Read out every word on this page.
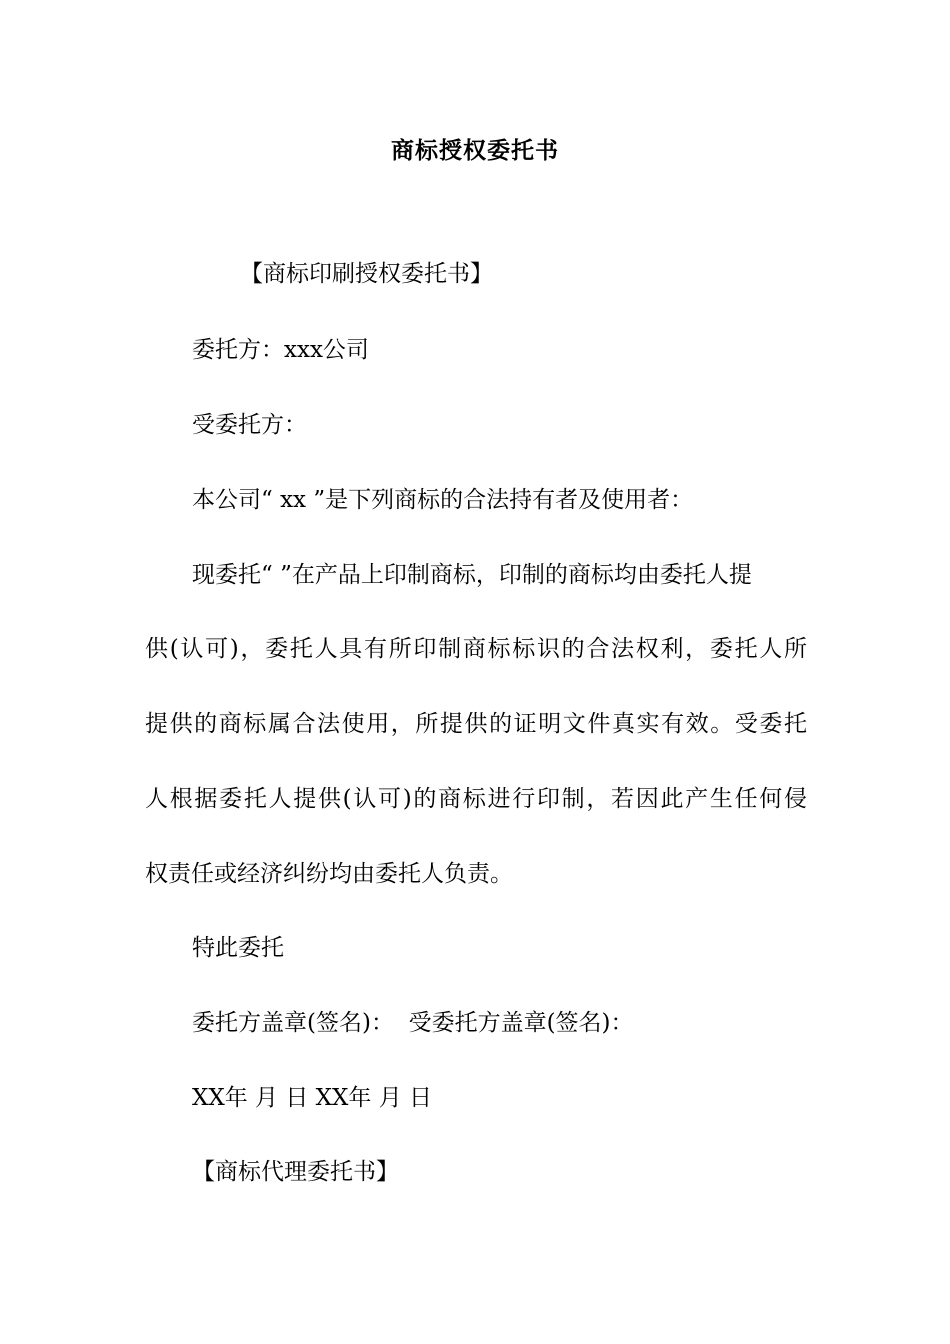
商标授权委托书
【商标印刷授权委托书】
委托方：xxx公司
受委托方：
本公司“ xx ”是下列商标的合法持有者及使用者：
现委托“ ”在产品上印制商标，印制的商标均由委托人提
供(认可)，委托人具有所印制商标标识的合法权利，委托人所
提供的商标属合法使用，所提供的证明文件真实有效。受委托
人根据委托人提供(认可)的商标进行印制，若因此产生任何侵
权责任或经济纠纷均由委托人负责。
特此委托
委托方盖章(签名)：  受委托方盖章(签名)：
XX年 月 日 XX年 月 日
【商标代理委托书】
